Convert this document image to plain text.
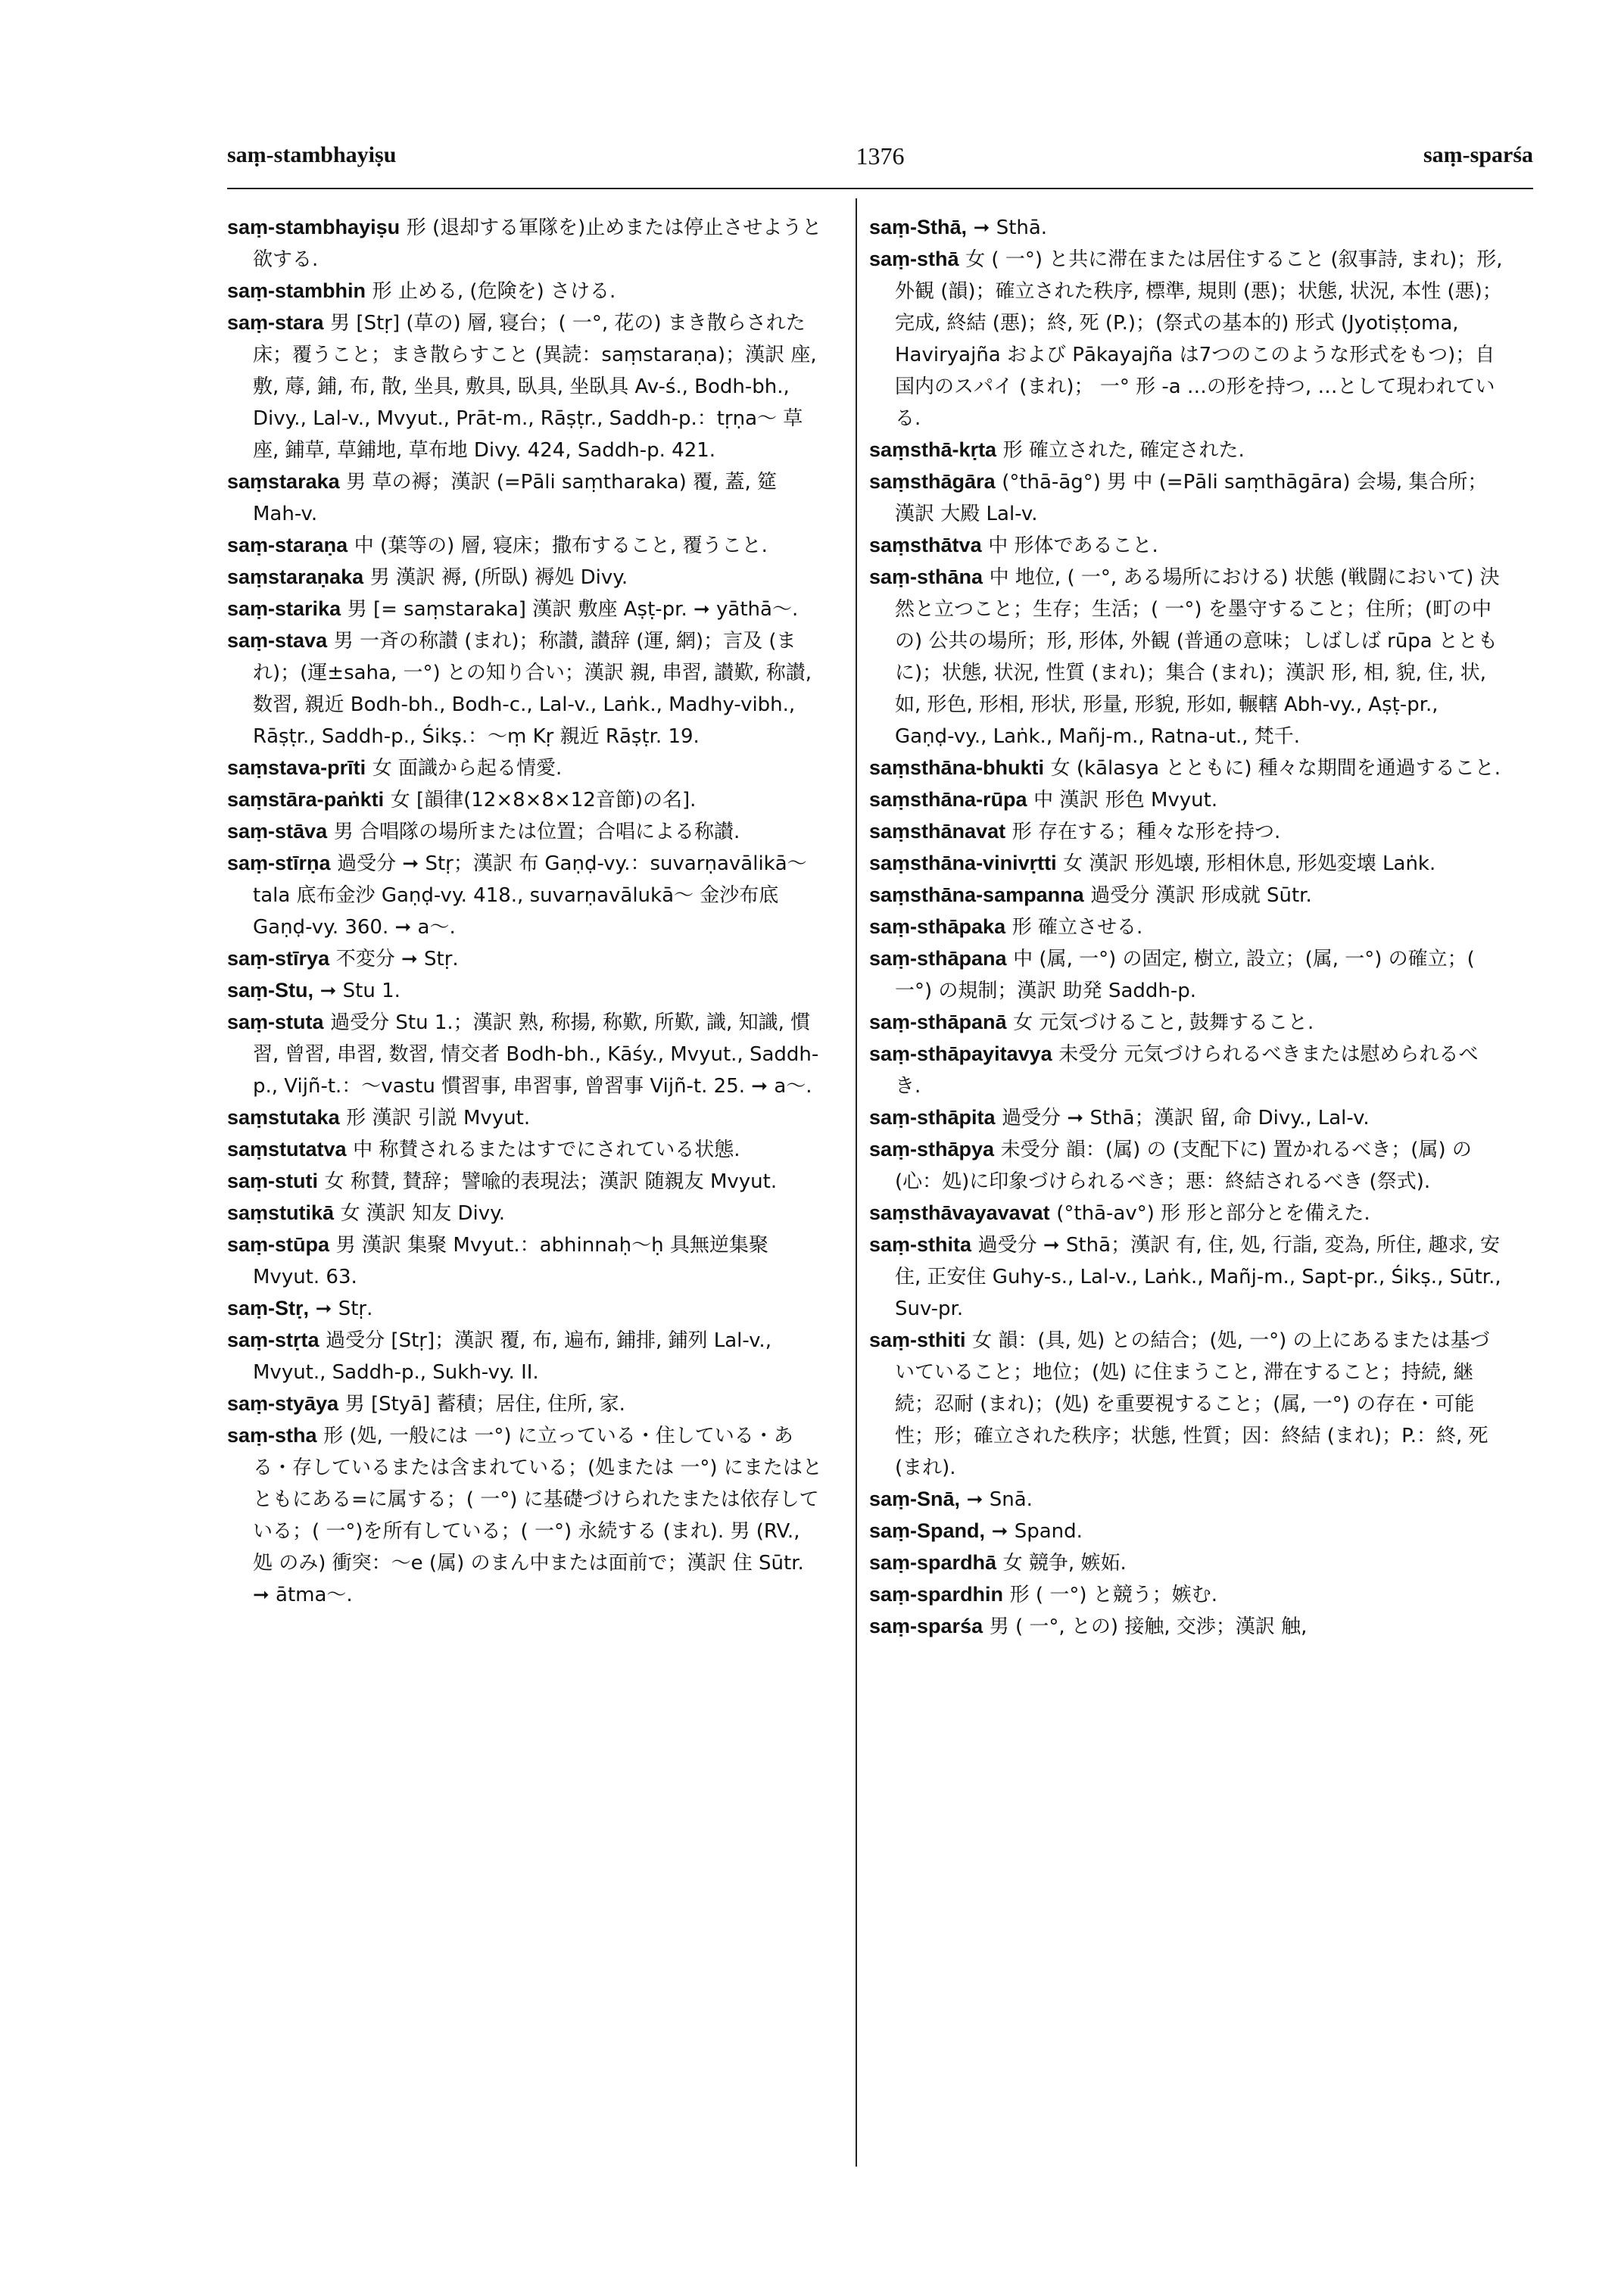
saṃ-stambhayiṣu	1376	saṃ-sparśa

saṃ-stambhayiṣu 形 (退却する軍隊を)止めまたは停止させようと欲する.

saṃ-stambhin 形 止める, (危険を) さける.

saṃ-stara 男 [Stṛ] (草の) 層, 寝台；( 一°, 花の) まき散らされた床；覆うこと；まき散らすこと (異読：saṃstaraṇa)；漢訳 座, 敷, 蓐, 鋪, 布, 散, 坐具, 敷具, 臥具, 坐臥具 Av-ś., Bodh-bh., Divy., Lal-v., Mvyut., Prāt-m., Rāṣṭr., Saddh-p.：tṛṇa～ 草座, 鋪草, 草鋪地, 草布地 Divy. 424, Saddh-p. 421.

saṃstaraka 男 草の褥；漢訳 (=Pāli saṃtharaka) 覆, 蓋, 筵 Mah-v.

saṃ-staraṇa 中 (葉等の) 層, 寝床；撒布すること, 覆うこと.

saṃstaraṇaka 男 漢訳 褥, (所臥) 褥処 Divy.

saṃ-starika 男 [= saṃstaraka] 漢訳 敷座 Aṣṭ-pr. ➞ yāthā～.

saṃ-stava 男 一斉の称讃 (まれ)；称讃, 讃辞 (運, 網)；言及 (まれ)；(運±saha, 一°) との知り合い；漢訳 親, 串習, 讃歎, 称讃, 数習, 親近 Bodh-bh., Bodh-c., Lal-v., Laṅk., Madhy-vibh., Rāṣṭr., Saddh-p., Śikṣ.：～ṃ Kṛ 親近 Rāṣṭr. 19.

saṃstava-prīti 女 面識から起る情愛.

saṃstāra-paṅkti 女 [韻律(12×8×8×12音節)の名].

saṃ-stāva 男 合唱隊の場所または位置；合唱による称讃.

saṃ-stīrṇa 過受分 ➞ Stṛ；漢訳 布 Gaṇḍ-vy.：suvarṇavālikā～tala 底布金沙 Gaṇḍ-vy. 418., suvarṇavālukā～ 金沙布底 Gaṇḍ-vy. 360. ➞ a～.

saṃ-stīrya 不変分 ➞ Stṛ.

saṃ-Stu, ➞ Stu 1.

saṃ-stuta 過受分 Stu 1.；漢訳 熟, 称揚, 称歎, 所歎, 識, 知識, 慣習, 曾習, 串習, 数習, 情交者 Bodh-bh., Kāśy., Mvyut., Saddh-p., Vijñ-t.：～vastu 慣習事, 串習事, 曾習事 Vijñ-t. 25. ➞ a～.

saṃstutaka 形 漢訳 引説 Mvyut.

saṃstutatva 中 称賛されるまたはすでにされている状態.

saṃ-stuti 女 称賛, 賛辞；譬喩的表現法；漢訳 随親友 Mvyut.

saṃstutikā 女 漢訳 知友 Divy.

saṃ-stūpa 男 漢訳 集聚 Mvyut.：abhinnaḥ～ḥ 具無逆集聚 Mvyut. 63.

saṃ-Stṛ, ➞ Stṛ.

saṃ-stṛta 過受分 [Stṛ]；漢訳 覆, 布, 遍布, 鋪排, 鋪列 Lal-v., Mvyut., Saddh-p., Sukh-vy. II.

saṃ-styāya 男 [Styā] 蓄積；居住, 住所, 家.

saṃ-stha 形 (処, 一般には 一°) に立っている・住している・ある・存しているまたは含まれている；(処または 一°) にまたはとともにある=に属する；( 一°) に基礎づけられたまたは依存している；( 一°)を所有している；( 一°) 永続する (まれ). 男 (RV., 処 のみ) 衝突：～e (属) のまん中または面前で；漢訳 住 Sūtr. ➞ ātma～.

saṃ-Sthā, ➞ Sthā.

saṃ-sthā 女 ( 一°) と共に滞在または居住すること (叙事詩, まれ)；形, 外観 (韻)；確立された秩序, 標準, 規則 (悪)；状態, 状況, 本性 (悪)；完成, 終結 (悪)；終, 死 (P.)；(祭式の基本的) 形式 (Jyotiṣṭoma, Haviryajña および Pākayajña は7つのこのような形式をもつ)；自国内のスパイ (まれ)； 一° 形 -a …の形を持つ, …として現われている.

saṃsthā-kṛta 形 確立された, 確定された.

saṃsthāgāra (°thā-āg°) 男 中 (=Pāli saṃthāgāra) 会場, 集合所；漢訳 大殿 Lal-v.

saṃsthātva 中 形体であること.

saṃ-sthāna 中 地位, ( 一°, ある場所における) 状態 (戦闘において) 決然と立つこと；生存；生活；( 一°) を墨守すること；住所；(町の中の) 公共の場所；形, 形体, 外観 (普通の意味；しばしば rūpa とともに)；状態, 状況, 性質 (まれ)；集合 (まれ)；漢訳 形, 相, 貌, 住, 状, 如, 形色, 形相, 形状, 形量, 形貌, 形如, 輾轄 Abh-vy., Aṣṭ-pr., Gaṇḍ-vy., Laṅk., Mañj-m., Ratna-ut., 梵千.

saṃsthāna-bhukti 女 (kālasya とともに) 種々な期間を通過すること.

saṃsthāna-rūpa 中 漢訳 形色 Mvyut.

saṃsthānavat 形 存在する；種々な形を持つ.

saṃsthāna-vinivṛtti 女 漢訳 形処壊, 形相休息, 形処変壊 Laṅk.

saṃsthāna-sampanna 過受分 漢訳 形成就 Sūtr.

saṃ-sthāpaka 形 確立させる.

saṃ-sthāpana 中 (属, 一°) の固定, 樹立, 設立；(属, 一°) の確立；( 一°) の規制；漢訳 助発 Saddh-p.

saṃ-sthāpanā 女 元気づけること, 鼓舞すること.

saṃ-sthāpayitavya 未受分 元気づけられるべきまたは慰められるべき.

saṃ-sthāpita 過受分 ➞ Sthā；漢訳 留, 命 Divy., Lal-v.

saṃ-sthāpya 未受分 韻：(属) の (支配下に) 置かれるべき；(属) の (心：処)に印象づけられるべき；悪：終結されるべき (祭式).

saṃsthāvayavavat (°thā-av°) 形 形と部分とを備えた.

saṃ-sthita 過受分 ➞ Sthā；漢訳 有, 住, 処, 行詣, 変為, 所住, 趣求, 安住, 正安住 Guhy-s., Lal-v., Laṅk., Mañj-m., Sapt-pr., Śikṣ., Sūtr., Suv-pr.

saṃ-sthiti 女 韻：(具, 処) との結合；(処, 一°) の上にあるまたは基づいていること；地位；(処) に住まうこと, 滞在すること；持続, 継続；忍耐 (まれ)；(処) を重要視すること；(属, 一°) の存在・可能性；形；確立された秩序；状態, 性質；因：終結 (まれ)；P.：終, 死 (まれ).

saṃ-Snā, ➞ Snā.

saṃ-Spand, ➞ Spand.

saṃ-spardhā 女 競争, 嫉妬.

saṃ-spardhin 形 ( 一°) と競う；嫉む.

saṃ-sparśa 男 ( 一°, との) 接触, 交渉；漢訳 触,
